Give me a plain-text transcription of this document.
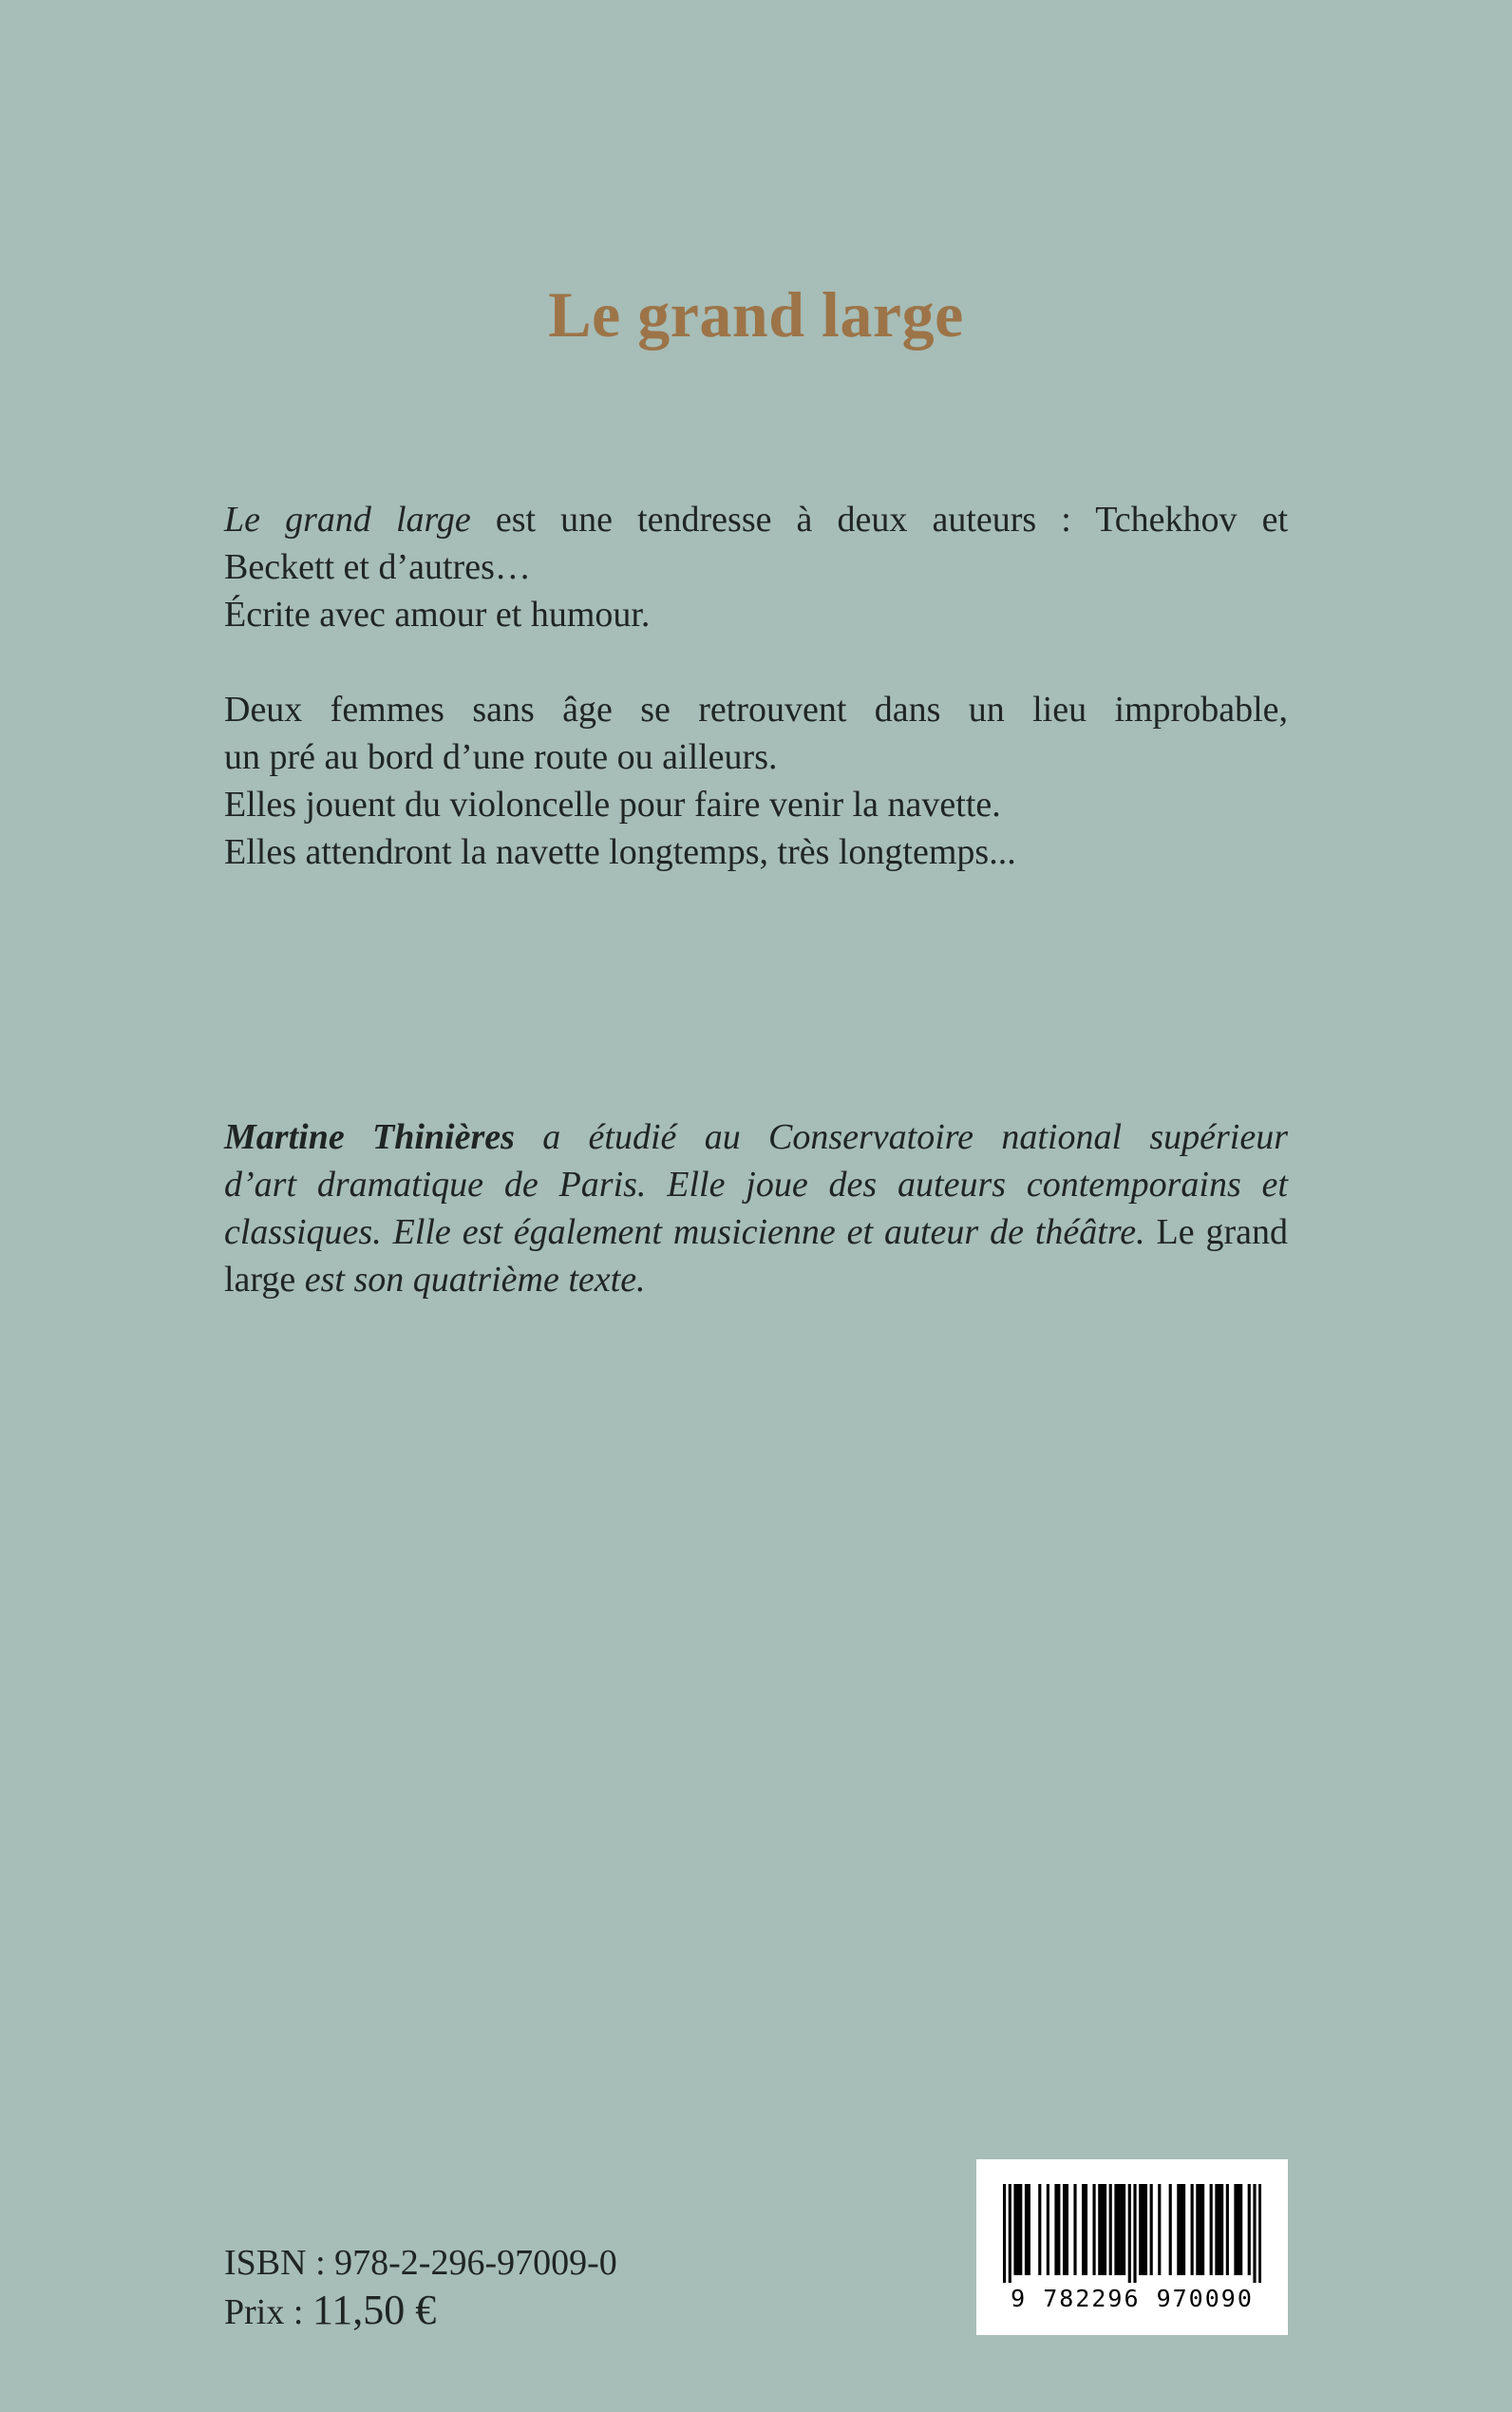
Le grand large
Le grand large est une tendresse à deux auteurs : Tchekhov et
Beckett et d’autres…
Écrite avec amour et humour.
Deux femmes sans âge se retrouvent dans un lieu improbable,
un pré au bord d’une route ou ailleurs.
Elles jouent du violoncelle pour faire venir la navette.
Elles attendront la navette longtemps, très longtemps...
Martine Thinières a étudié au Conservatoire national supérieur
d’art dramatique de Paris. Elle joue des auteurs contemporains et
classiques. Elle est également musicienne et auteur de théâtre. Le grand
large est son quatrième texte.
ISBN : 978-2-296-97009-0
Prix : 11,50 €	9 782296 970090
